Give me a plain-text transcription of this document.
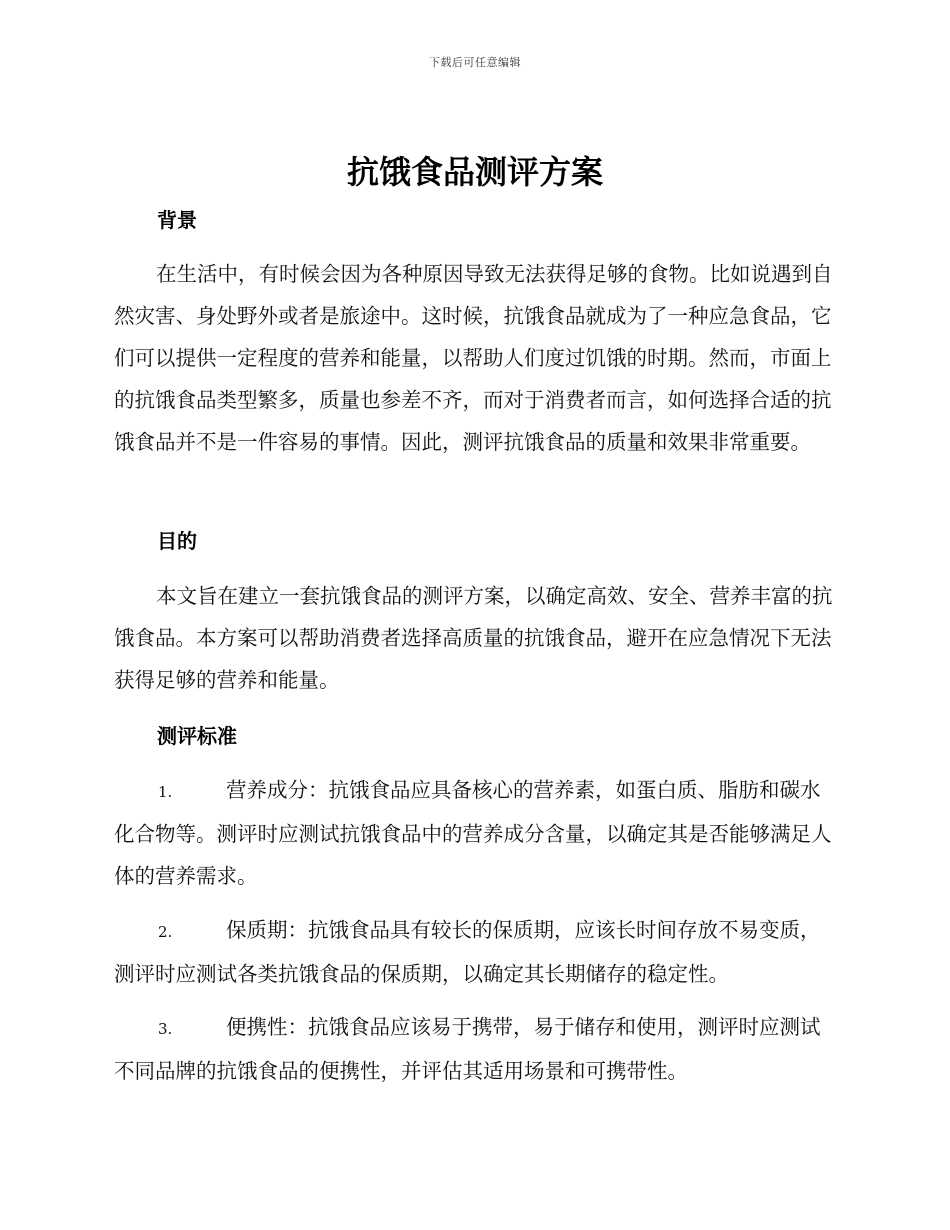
下载后可任意编辑
抗饿食品测评方案
背景

在生活中，有时候会因为各种原因导致无法获得足够的食物。比如说遇到自然灾害、身处野外或者是旅途中。这时候，抗饿食品就成为了一种应急食品，它们可以提供一定程度的营养和能量，以帮助人们度过饥饿的时期。然而，市面上的抗饿食品类型繁多，质量也参差不齐，而对于消费者而言，如何选择合适的抗饿食品并不是一件容易的事情。因此，测评抗饿食品的质量和效果非常重要。

目的

本文旨在建立一套抗饿食品的测评方案，以确定高效、安全、营养丰富的抗饿食品。本方案可以帮助消费者选择高质量的抗饿食品，避开在应急情况下无法获得足够的营养和能量。

测评标准
1.	营养成分：抗饿食品应具备核心的营养素，如蛋白质、脂肪和碳水化合物等。测评时应测试抗饿食品中的营养成分含量，以确定其是否能够满足人体的营养需求。
2.	保质期：抗饿食品具有较长的保质期，应该长时间存放不易变质，测评时应测试各类抗饿食品的保质期，以确定其长期储存的稳定性。
3.	便携性：抗饿食品应该易于携带，易于储存和使用，测评时应测试不同品牌的抗饿食品的便携性，并评估其适用场景和可携带性。
